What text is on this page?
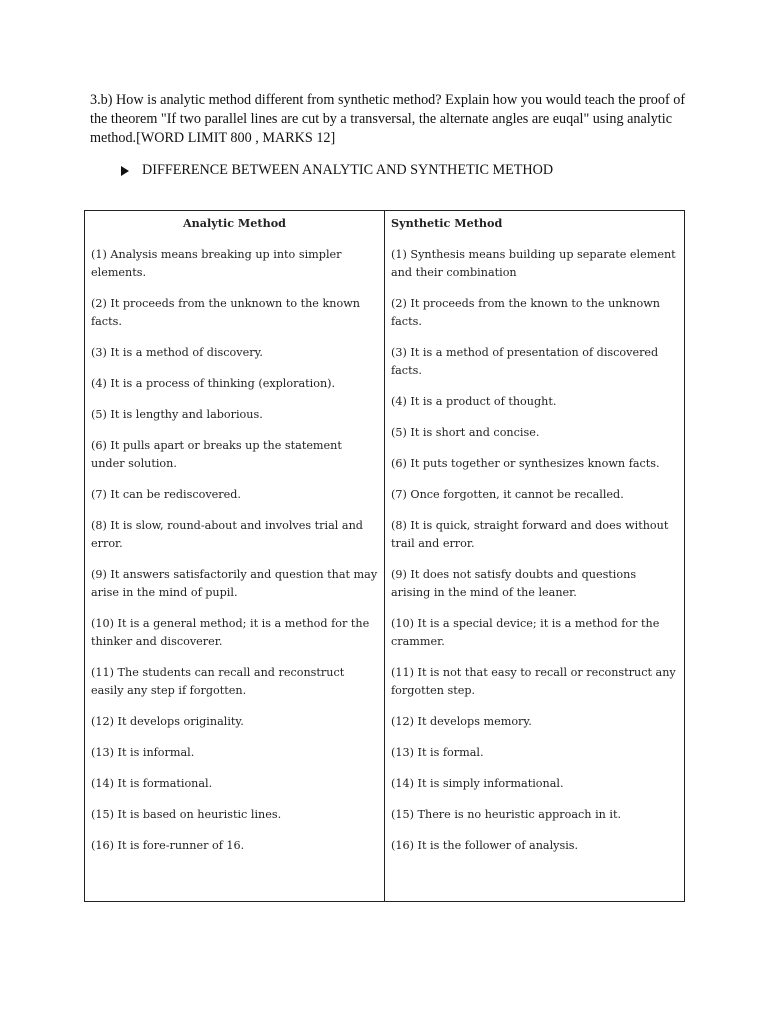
3.b) How is analytic method different from synthetic method? Explain how you would teach the proof of the theorem "If two parallel lines are cut by a transversal, the alternate angles are euqal" using analytic method.[WORD LIMIT 800 , MARKS 12]
DIFFERENCE BETWEEN ANALYTIC AND SYNTHETIC METHOD
Analytic Method
(1) Analysis means breaking up into simpler elements.
(2) It proceeds from the unknown to the known facts.
(3) It is a method of discovery.
(4) It is a process of thinking (exploration).
(5) It is lengthy and laborious.
(6) It pulls apart or breaks up the statement under solution.
(7) It can be rediscovered.
(8) It is slow, round-about and involves trial and error.
(9) It answers satisfactorily and question that may arise in the mind of pupil.
(10) It is a general method; it is a method for the thinker and discoverer.
(11) The students can recall and reconstruct easily any step if forgotten.
(12) It develops originality.
(13) It is informal.
(14) It is formational.
(15) It is based on heuristic lines.
(16) It is fore-runner of 16.
Synthetic Method
(1) Synthesis means building up separate element and their combination
(2) It proceeds from the known to the unknown facts.
(3) It is a method of presentation of discovered facts.
(4) It is a product of thought.
(5) It is short and concise.
(6) It puts together or synthesizes known facts.
(7) Once forgotten, it cannot be recalled.
(8) It is quick, straight forward and does without trail and error.
(9) It does not satisfy doubts and questions arising in the mind of the leaner.
(10) It is a special device; it is a method for the crammer.
(11) It is not that easy to recall or reconstruct any forgotten step.
(12) It develops memory.
(13) It is formal.
(14) It is simply informational.
(15) There is no heuristic approach in it.
(16) It is the follower of analysis.
